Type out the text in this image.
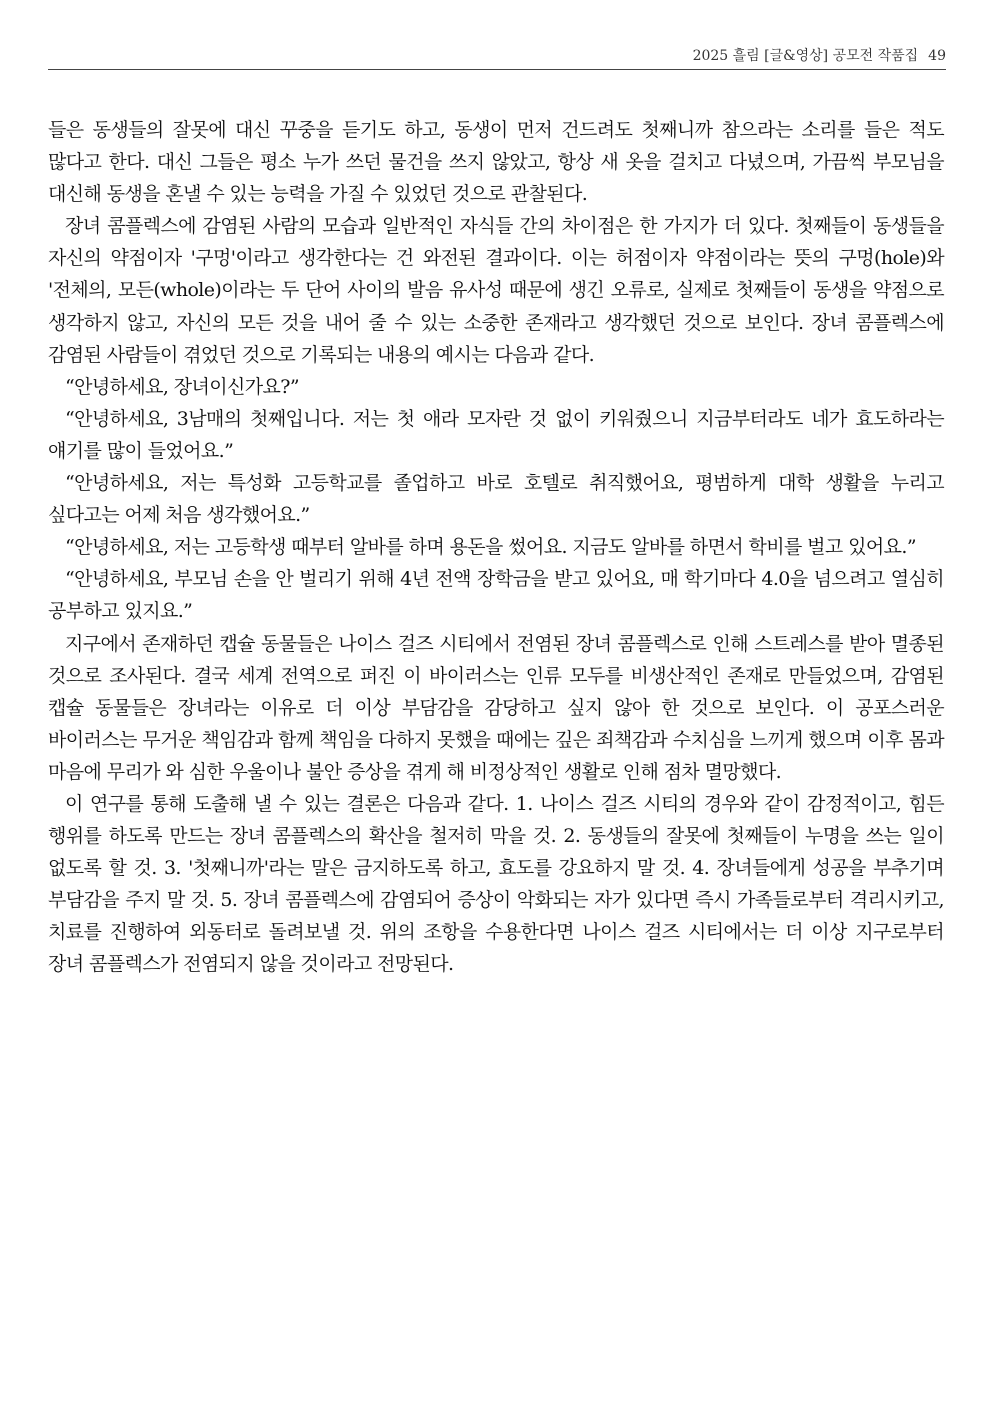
2025 흘림 [글&영상] 공모전 작품집 49

들은 동생들의 잘못에 대신 꾸중을 듣기도 하고, 동생이 먼저 건드려도 첫째니까 참으라는 소리를 들은 적도 많다고 한다. 대신 그들은 평소 누가 쓰던 물건을 쓰지 않았고, 항상 새 옷을 걸치고 다녔으며, 가끔씩 부모님을 대신해 동생을 혼낼 수 있는 능력을 가질 수 있었던 것으로 관찰된다.

장녀 콤플렉스에 감염된 사람의 모습과 일반적인 자식들 간의 차이점은 한 가지가 더 있다. 첫째들이 동생들을 자신의 약점이자 '구멍'이라고 생각한다는 건 와전된 결과이다. 이는 허점이자 약점이라는 뜻의 구멍(hole)와 '전체의, 모든(whole)이라는 두 단어 사이의 발음 유사성 때문에 생긴 오류로, 실제로 첫째들이 동생을 약점으로 생각하지 않고, 자신의 모든 것을 내어 줄 수 있는 소중한 존재라고 생각했던 것으로 보인다. 장녀 콤플렉스에 감염된 사람들이 겪었던 것으로 기록되는 내용의 예시는 다음과 같다.

“안녕하세요, 장녀이신가요?”

“안녕하세요, 3남매의 첫째입니다. 저는 첫 애라 모자란 것 없이 키워줬으니 지금부터라도 네가 효도하라는 얘기를 많이 들었어요.”

“안녕하세요, 저는 특성화 고등학교를 졸업하고 바로 호텔로 취직했어요, 평범하게 대학 생활을 누리고 싶다고는 어제 처음 생각했어요.”

“안녕하세요, 저는 고등학생 때부터 알바를 하며 용돈을 썼어요. 지금도 알바를 하면서 학비를 벌고 있어요.”

“안녕하세요, 부모님 손을 안 벌리기 위해 4년 전액 장학금을 받고 있어요, 매 학기마다 4.0을 넘으려고 열심히 공부하고 있지요.”

지구에서 존재하던 캡슐 동물들은 나이스 걸즈 시티에서 전염된 장녀 콤플렉스로 인해 스트레스를 받아 멸종된 것으로 조사된다. 결국 세계 전역으로 퍼진 이 바이러스는 인류 모두를 비생산적인 존재로 만들었으며, 감염된 캡슐 동물들은 장녀라는 이유로 더 이상 부담감을 감당하고 싶지 않아 한 것으로 보인다. 이 공포스러운 바이러스는 무거운 책임감과 함께 책임을 다하지 못했을 때에는 깊은 죄책감과 수치심을 느끼게 했으며 이후 몸과 마음에 무리가 와 심한 우울이나 불안 증상을 겪게 해 비정상적인 생활로 인해 점차 멸망했다.

이 연구를 통해 도출해 낼 수 있는 결론은 다음과 같다. 1. 나이스 걸즈 시티의 경우와 같이 감정적이고, 힘든 행위를 하도록 만드는 장녀 콤플렉스의 확산을 철저히 막을 것. 2. 동생들의 잘못에 첫째들이 누명을 쓰는 일이 없도록 할 것. 3. '첫째니까'라는 말은 금지하도록 하고, 효도를 강요하지 말 것. 4. 장녀들에게 성공을 부추기며 부담감을 주지 말 것. 5. 장녀 콤플렉스에 감염되어 증상이 악화되는 자가 있다면 즉시 가족들로부터 격리시키고, 치료를 진행하여 외동터로 돌려보낼 것. 위의 조항을 수용한다면 나이스 걸즈 시티에서는 더 이상 지구로부터 장녀 콤플렉스가 전염되지 않을 것이라고 전망된다.
